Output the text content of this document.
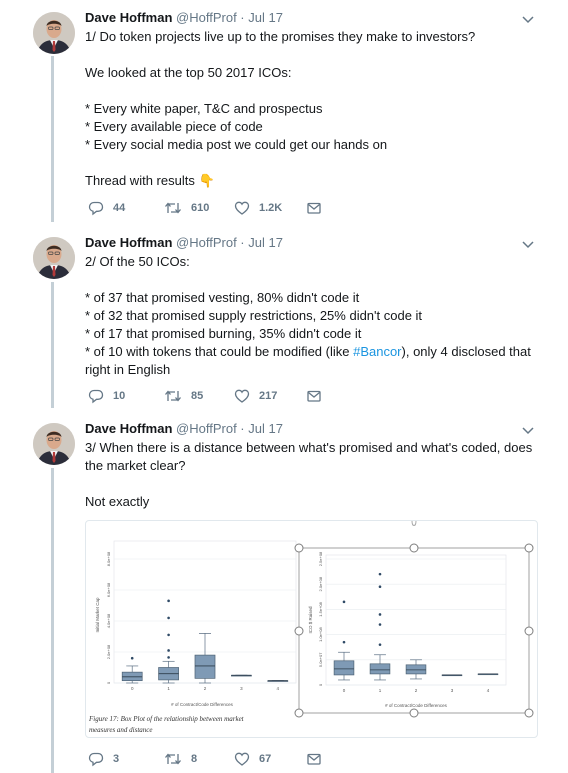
Dave Hoffman @HoffProf · Jul 17

1/ Do token projects live up to the promises they make to investors?

We looked at the top 50 2017 ICOs:

* Every white paper, T&C and prospectus

* Every available piece of code

* Every social media post we could get our hands on

Thread with results 👇

44	610	1.2K
Dave Hoffman @HoffProf · Jul 17

2/ Of the 50 ICOs:

* of 37 that promised vesting, 80% didn't code it

* of 32 that promised supply restrictions, 25% didn't code it

* of 17 that promised burning, 35% didn't code it

* of 10 with tokens that could be modified (like #Bancor), only 4 disclosed that

right in English

10	85	217
Dave Hoffman @HoffProf · Jul 17

3/ When there is a distance between what's promised and what's coded, does

the market clear?

Not exactly

3	8	67
Initial Market Cap
0
2.0e+08
4.0e+08
6.0e+08
8.0e+08
0	1	2	3	4
# of Contract/Code Differences
ICO $ Raised
0
5.0e+07
1.0e+08
1.5e+08
2.0e+08
2.5e+08
0	1	2	3	4
# of Contract/Code Differences
Figure 17: Box Plot of the relationship between market
measures and distance
